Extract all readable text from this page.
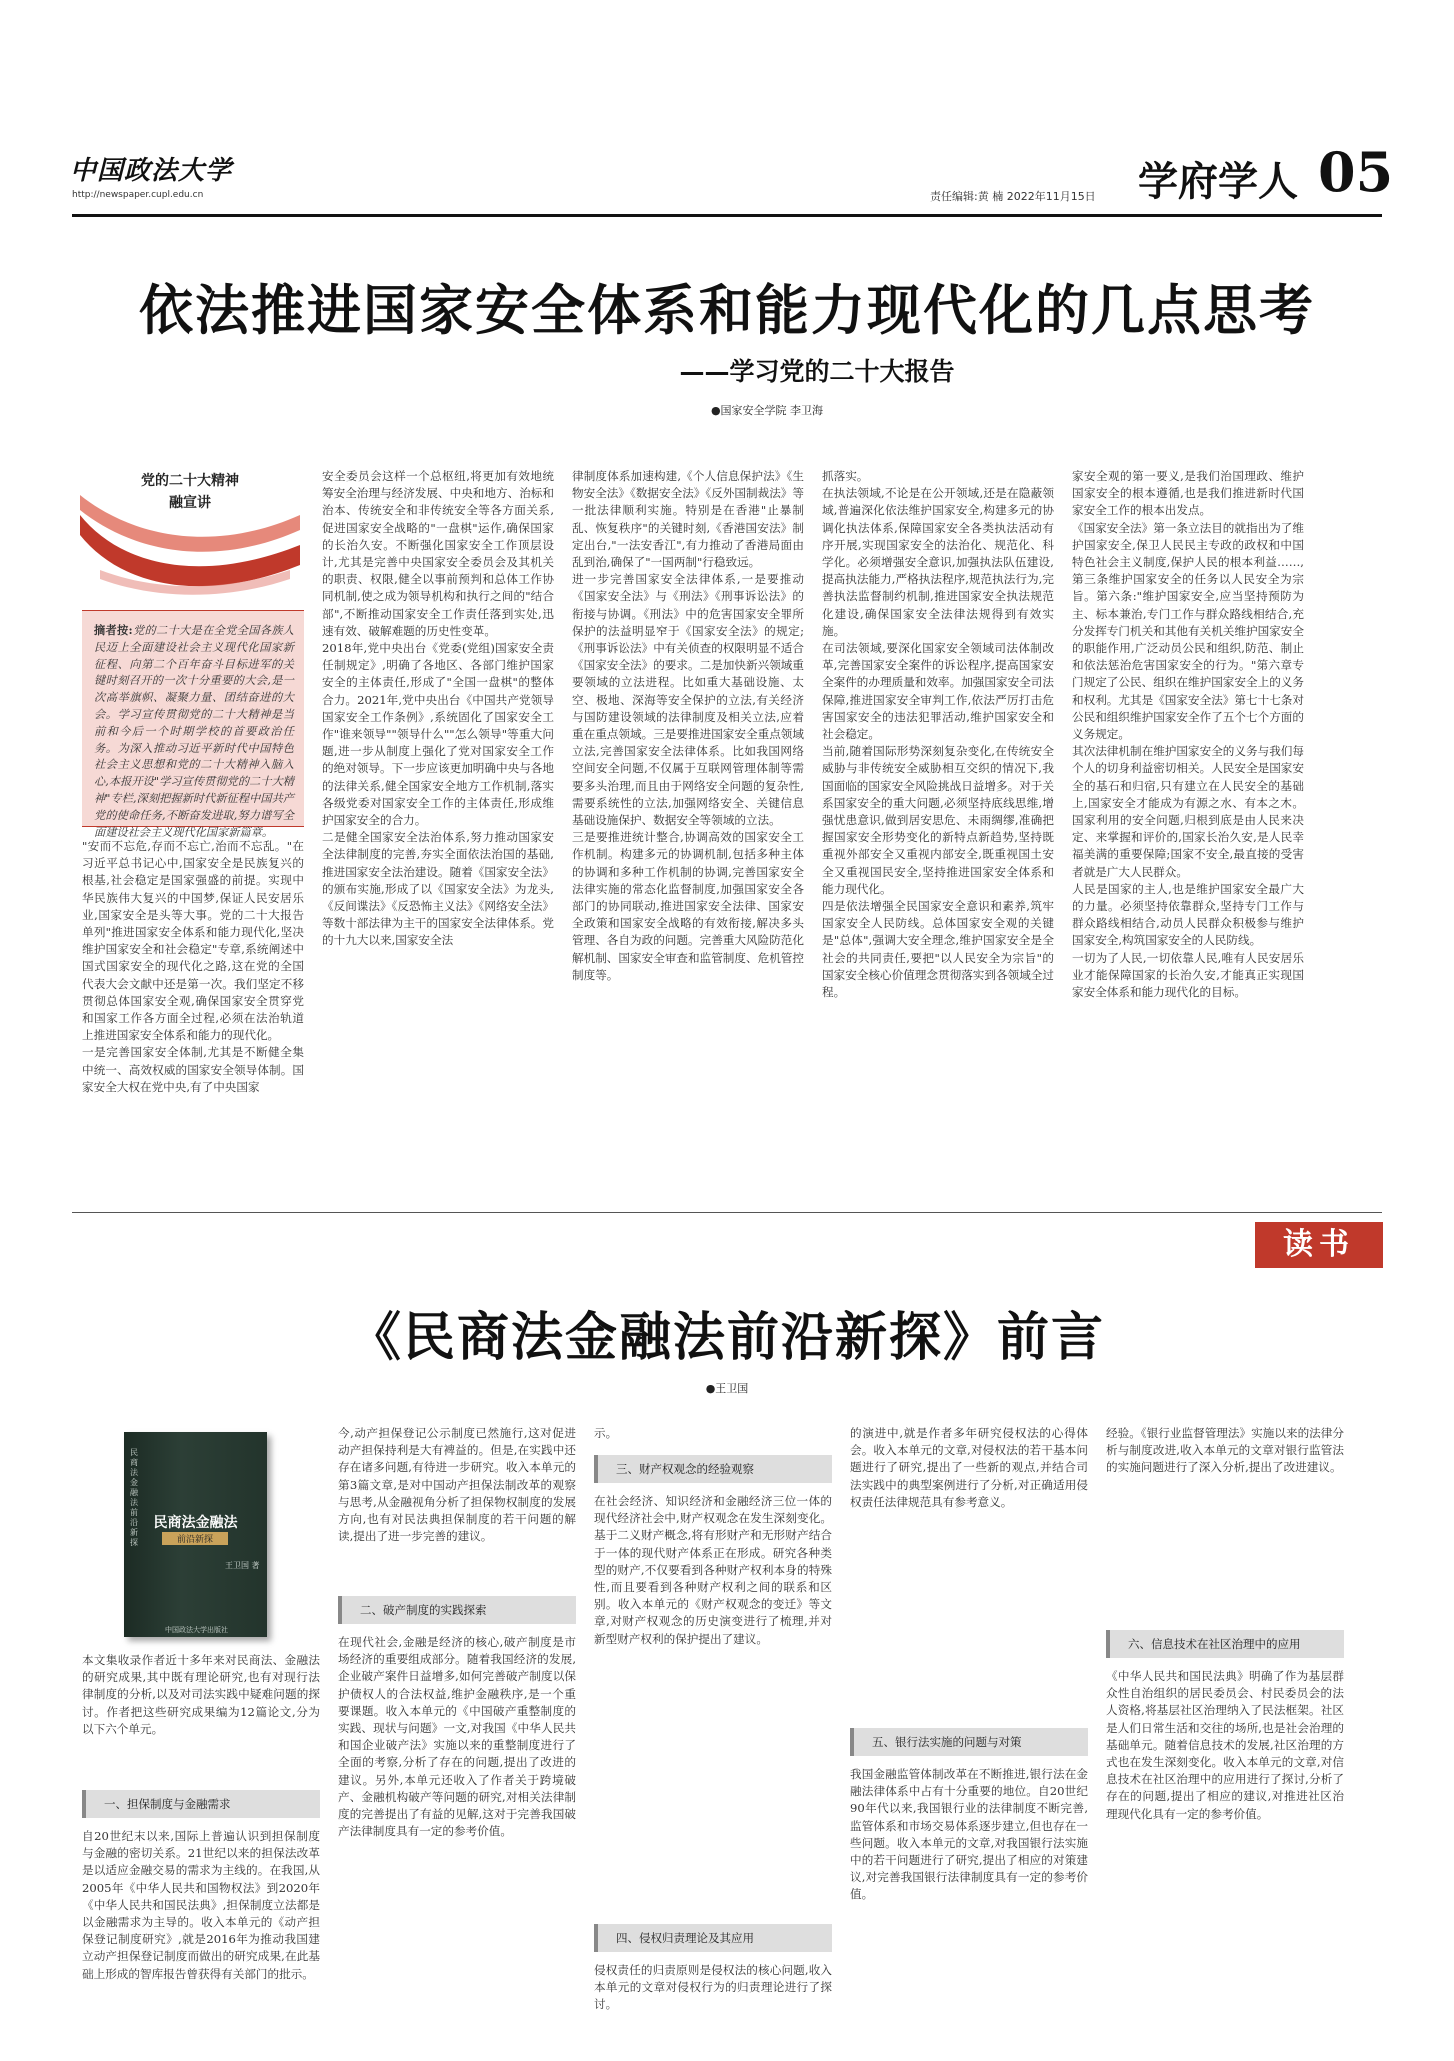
中国政法大学
http://newspaper.cupl.edu.cn	责任编辑:黄 楠 2022年11月15日 学府学人 05
依法推进国家安全体系和能力现代化的几点思考
——学习党的二十大报告
●国家安全学院 李卫海
党的二十大精神
融宣讲
摘者按:党的二十大是在全党全国各族人民迈上全面建设社会主义现代化国家新征程、向第二个百年奋斗目标进军的关键时刻召开的一次十分重要的大会,是一次高举旗帜、凝聚力量、团结奋进的大会。学习宣传贯彻党的二十大精神是当前和今后一个时期学校的首要政治任务。为深入推动习近平新时代中国特色社会主义思想和党的二十大精神入脑入心,本报开设"学习宣传贯彻党的二十大精神"专栏,深刻把握新时代新征程中国共产党的使命任务,不断奋发进取,努力谱写全面建设社会主义现代化国家新篇章。
"安而不忘危,存而不忘亡,治而不忘乱。"在习近平总书记心中,国家安全是民族复兴的根基,社会稳定是国家强盛的前提。实现中华民族伟大复兴的中国梦,保证人民安居乐业,国家安全是头等大事。党的二十大报告单列"推进国家安全体系和能力现代化,坚决维护国家安全和社会稳定"专章,系统阐述中国式国家安全的现代化之路,这在党的全国代表大会文献中还是第一次。我们坚定不移贯彻总体国家安全观,确保国家安全贯穿党和国家工作各方面全过程,必须在法治轨道上推进国家安全体系和能力的现代化。
一是完善国家安全体制,尤其是不断健全集中统一、高效权威的国家安全领导体制。国家安全大权在党中央,有了中央国家
安全委员会这样一个总枢纽,将更加有效地统筹安全治理与经济发展、中央和地方、治标和治本、传统安全和非传统安全等各方面关系,促进国家安全战略的"一盘棋"运作,确保国家的长治久安。不断强化国家安全工作顶层设计,尤其是完善中央国家安全委员会及其机关的职责、权限,健全以事前预判和总体工作协同机制,使之成为领导机构和执行之间的"结合部",不断推动国家安全工作责任落到实处,迅速有效、破解难题的历史性变革。
2018年,党中央出台《党委(党组)国家安全责任制规定》,明确了各地区、各部门维护国家安全的主体责任,形成了"全国一盘棋"的整体合力。2021年,党中央出台《中国共产党领导国家安全工作条例》,系统固化了国家安全工作"谁来领导""领导什么""怎么领导"等重大问题,进一步从制度上强化了党对国家安全工作的绝对领导。下一步应该更加明确中央与各地的法律关系,健全国家安全地方工作机制,落实各级党委对国家安全工作的主体责任,形成维护国家安全的合力。
二是健全国家安全法治体系,努力推动国家安全法律制度的完善,夯实全面依法治国的基础,推进国家安全法治建设。随着《国家安全法》的颁布实施,形成了以《国家安全法》为龙头,《反间谍法》《反恐怖主义法》《网络安全法》等数十部法律为主干的国家安全法律体系。党的十九大以来,国家安全法
律制度体系加速构建,《个人信息保护法》《生物安全法》《数据安全法》《反外国制裁法》等一批法律顺利实施。特别是在香港"止暴制乱、恢复秩序"的关键时刻,《香港国安法》制定出台,"一法安香江",有力推动了香港局面由乱到治,确保了"一国两制"行稳致远。
进一步完善国家安全法律体系,一是要推动《国家安全法》与《刑法》《刑事诉讼法》的衔接与协调。《刑法》中的危害国家安全罪所保护的法益明显窄于《国家安全法》的规定;《刑事诉讼法》中有关侦查的权限明显不适合《国家安全法》的要求。二是加快新兴领域重要领域的立法进程。比如重大基础设施、太空、极地、深海等安全保护的立法,有关经济与国防建设领域的法律制度及相关立法,应着重在重点领域。三是要推进国家安全重点领域立法,完善国家安全法律体系。比如我国网络空间安全问题,不仅属于互联网管理体制等需要多头治理,而且由于网络安全问题的复杂性,需要系统性的立法,加强网络安全、关键信息基础设施保护、数据安全等领域的立法。
三是要推进统计整合,协调高效的国家安全工作机制。构建多元的协调机制,包括多种主体的协调和多种工作机制的协调,完善国家安全法律实施的常态化监督制度,加强国家安全各部门的协同联动,推进国家安全法律、国家安全政策和国家安全战略的有效衔接,解决多头管理、各自为政的问题。完善重大风险防范化解机制、国家安全审查和监管制度、危机管控制度等。
抓落实。
在执法领域,不论是在公开领域,还是在隐蔽领域,普遍深化依法维护国家安全,构建多元的协调化执法体系,保障国家安全各类执法活动有序开展,实现国家安全的法治化、规范化、科学化。必须增强安全意识,加强执法队伍建设,提高执法能力,严格执法程序,规范执法行为,完善执法监督制约机制,推进国家安全执法规范化建设,确保国家安全法律法规得到有效实施。
在司法领域,要深化国家安全领域司法体制改革,完善国家安全案件的诉讼程序,提高国家安全案件的办理质量和效率。加强国家安全司法保障,推进国家安全审判工作,依法严厉打击危害国家安全的违法犯罪活动,维护国家安全和社会稳定。
当前,随着国际形势深刻复杂变化,在传统安全威胁与非传统安全威胁相互交织的情况下,我国面临的国家安全风险挑战日益增多。对于关系国家安全的重大问题,必须坚持底线思维,增强忧患意识,做到居安思危、未雨绸缪,准确把握国家安全形势变化的新特点新趋势,坚持既重视外部安全又重视内部安全,既重视国土安全又重视国民安全,坚持推进国家安全体系和能力现代化。
四是依法增强全民国家安全意识和素养,筑牢国家安全人民防线。总体国家安全观的关键是"总体",强调大安全理念,维护国家安全是全社会的共同责任,要把"以人民安全为宗旨"的国家安全核心价值理念贯彻落实到各领域全过程。
家安全观的第一要义,是我们治国理政、维护国家安全的根本遵循,也是我们推进新时代国家安全工作的根本出发点。
《国家安全法》第一条立法目的就指出为了维护国家安全,保卫人民民主专政的政权和中国特色社会主义制度,保护人民的根本利益……,第三条维护国家安全的任务以人民安全为宗旨。第六条:"维护国家安全,应当坚持预防为主、标本兼治,专门工作与群众路线相结合,充分发挥专门机关和其他有关机关维护国家安全的职能作用,广泛动员公民和组织,防范、制止和依法惩治危害国家安全的行为。"第六章专门规定了公民、组织在维护国家安全上的义务和权利。尤其是《国家安全法》第七十七条对公民和组织维护国家安全作了五个七个方面的义务规定。
其次法律机制在维护国家安全的义务与我们每个人的切身利益密切相关。人民安全是国家安全的基石和归宿,只有建立在人民安全的基础上,国家安全才能成为有源之水、有本之木。国家利用的安全问题,归根到底是由人民来决定、来掌握和评价的,国家长治久安,是人民幸福美满的重要保障;国家不安全,最直接的受害者就是广大人民群众。
人民是国家的主人,也是维护国家安全最广大的力量。必须坚持依靠群众,坚持专门工作与群众路线相结合,动员人民群众积极参与维护国家安全,构筑国家安全的人民防线。
一切为了人民,一切依靠人民,唯有人民安居乐业才能保障国家的长治久安,才能真正实现国家安全体系和能力现代化的目标。
读书
《民商法金融法前沿新探》前言
●王卫国
民商法金融法前沿新探
民商法金融法
前沿新探
王卫国 著
中国政法大学出版社
本文集收录作者近十多年来对民商法、金融法的研究成果,其中既有理论研究,也有对现行法律制度的分析,以及对司法实践中疑难问题的探讨。作者把这些研究成果编为12篇论文,分为以下六个单元。
一、担保制度与金融需求
自20世纪末以来,国际上普遍认识到担保制度与金融的密切关系。21世纪以来的担保法改革是以适应金融交易的需求为主线的。在我国,从2005年《中华人民共和国物权法》到2020年《中华人民共和国民法典》,担保制度立法都是以金融需求为主导的。收入本单元的《动产担保登记制度研究》,就是2016年为推动我国建立动产担保登记制度而做出的研究成果,在此基础上形成的智库报告曾获得有关部门的批示。
今,动产担保登记公示制度已然施行,这对促进动产担保持利是大有裨益的。但是,在实践中还存在诸多问题,有待进一步研究。收入本单元的第3篇文章,是对中国动产担保法制改革的观察与思考,从金融视角分析了担保物权制度的发展方向,也有对民法典担保制度的若干问题的解读,提出了进一步完善的建议。
二、破产制度的实践探索
在现代社会,金融是经济的核心,破产制度是市场经济的重要组成部分。随着我国经济的发展,企业破产案件日益增多,如何完善破产制度以保护债权人的合法权益,维护金融秩序,是一个重要课题。收入本单元的《中国破产重整制度的实践、现状与问题》一文,对我国《中华人民共和国企业破产法》实施以来的重整制度进行了全面的考察,分析了存在的问题,提出了改进的建议。另外,本单元还收入了作者关于跨境破产、金融机构破产等问题的研究,对相关法律制度的完善提出了有益的见解,这对于完善我国破产法律制度具有一定的参考价值。
示。
三、财产权观念的经验观察
在社会经济、知识经济和金融经济三位一体的现代经济社会中,财产权观念在发生深刻变化。基于二义财产概念,将有形财产和无形财产结合于一体的现代财产体系正在形成。研究各种类型的财产,不仅要看到各种财产权利本身的特殊性,而且要看到各种财产权利之间的联系和区别。收入本单元的《财产权观念的变迁》等文章,对财产权观念的历史演变进行了梳理,并对新型财产权利的保护提出了建议。
四、侵权归责理论及其应用
侵权责任的归责原则是侵权法的核心问题,收入本单元的文章对侵权行为的归责理论进行了探讨。
的演进中,就是作者多年研究侵权法的心得体会。收入本单元的文章,对侵权法的若干基本问题进行了研究,提出了一些新的观点,并结合司法实践中的典型案例进行了分析,对正确适用侵权责任法律规范具有参考意义。
五、银行法实施的问题与对策
我国金融监管体制改革在不断推进,银行法在金融法律体系中占有十分重要的地位。自20世纪90年代以来,我国银行业的法律制度不断完善,监管体系和市场交易体系逐步建立,但也存在一些问题。收入本单元的文章,对我国银行法实施中的若干问题进行了研究,提出了相应的对策建议,对完善我国银行法律制度具有一定的参考价值。
经验。《银行业监督管理法》实施以来的法律分析与制度改进,收入本单元的文章对银行监管法的实施问题进行了深入分析,提出了改进建议。
六、信息技术在社区治理中的应用
《中华人民共和国民法典》明确了作为基层群众性自治组织的居民委员会、村民委员会的法人资格,将基层社区治理纳入了民法框架。社区是人们日常生活和交往的场所,也是社会治理的基础单元。随着信息技术的发展,社区治理的方式也在发生深刻变化。收入本单元的文章,对信息技术在社区治理中的应用进行了探讨,分析了存在的问题,提出了相应的建议,对推进社区治理现代化具有一定的参考价值。
